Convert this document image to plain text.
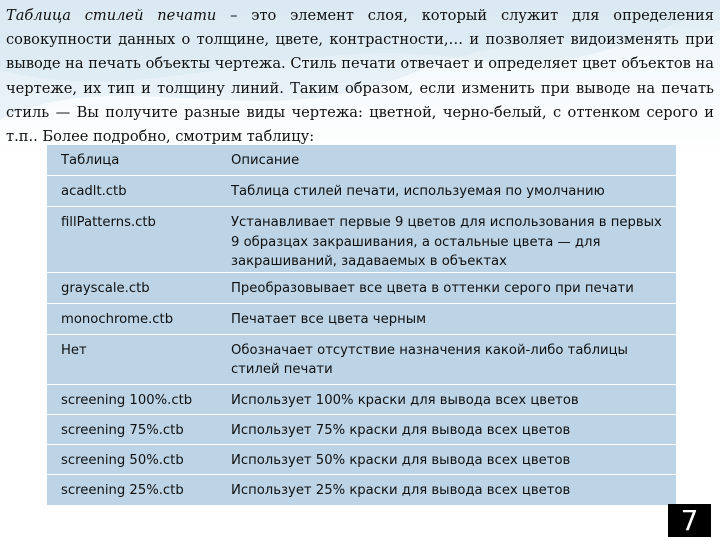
Таблица стилей печати – это элемент слоя, который служит для определения совокупности данных о толщине, цвете, контрастности,… и позволяет видоизменять при выводе на печать объекты чертежа. Стиль печати отвечает и определяет цвет объектов на чертеже, их тип и толщину линий. Таким образом, если изменить при выводе на печать стиль — Вы получите разные виды чертежа: цветной, черно-белый, с оттенком серого и т.п.. Более подробно, смотрим таблицу:

Таблица	Описание
acadlt.ctb	Таблица стилей печати, используемая по умолчанию
fillPatterns.ctb	Устанавливает первые 9 цветов для использования в первых 9 образцах закрашивания, а остальные цвета — для закрашиваний, задаваемых в объектах
grayscale.ctb	Преобразовывает все цвета в оттенки серого при печати
monochrome.ctb	Печатает все цвета черным
Нет	Обозначает отсутствие назначения какой-либо таблицы стилей печати
screening 100%.ctb	Использует 100% краски для вывода всех цветов
screening 75%.ctb	Использует 75% краски для вывода всех цветов
screening 50%.ctb	Использует 50% краски для вывода всех цветов
screening 25%.ctb	Использует 25% краски для вывода всех цветов
7
